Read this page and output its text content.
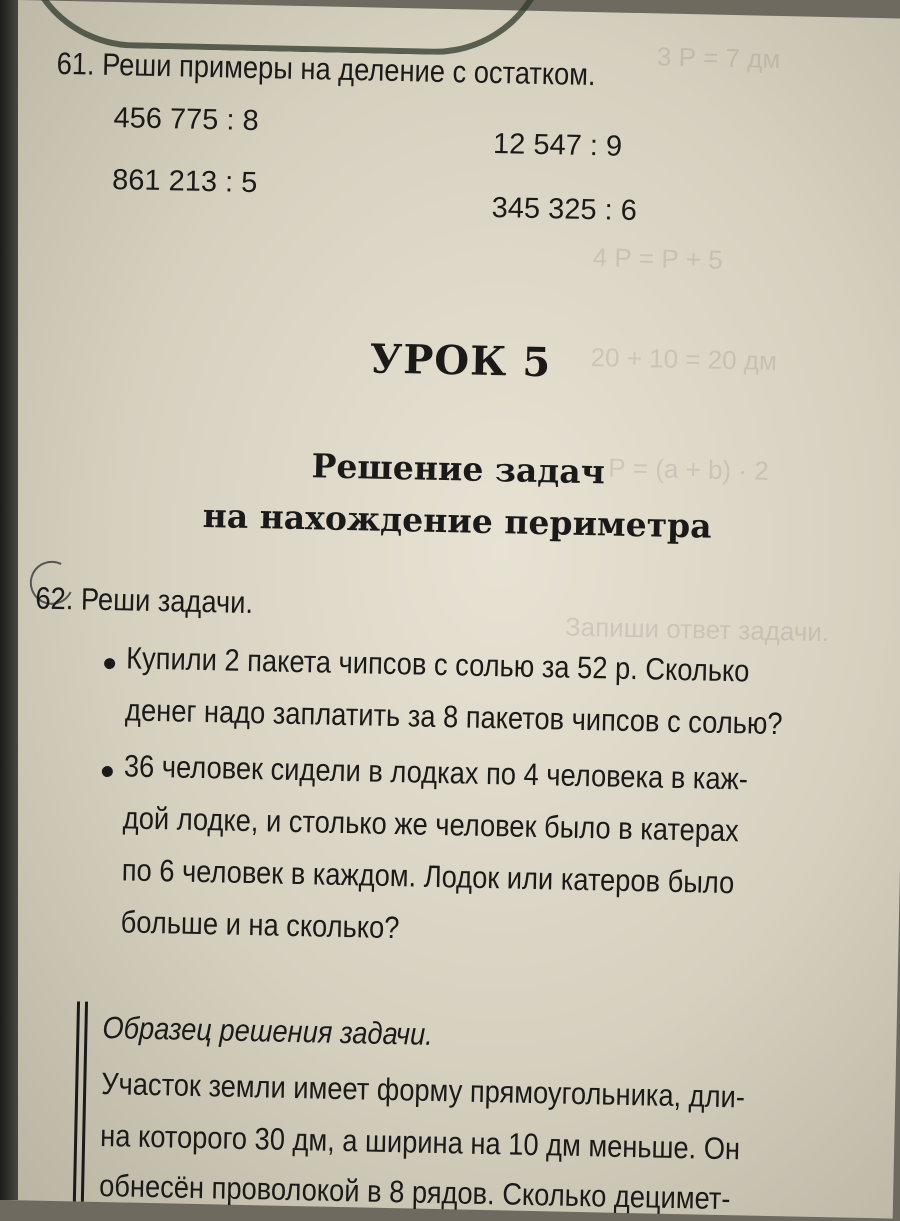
3 Р = 7 дм
4 Р = Р + 5
20 + 10 = 20 дм
Р = (а + b) · 2
Запиши ответ задачи.
61. Реши примеры на деление с остатком.
456 775 : 8
12 547 : 9
861 213 : 5
345 325 : 6
УРОК 5
Решение задач
на нахождение периметра
62. Реши задачи.
Купили 2 пакета чипсов с солью за 52 р. Сколько
денег надо заплатить за 8 пакетов чипсов с солью?
36 человек сидели в лодках по 4 человека в каж-
дой лодке, и столько же человек было в катерах
по 6 человек в каждом. Лодок или катеров было
больше и на сколько?
Образец решения задачи.
Участок земли имеет форму прямоугольника, дли-
на которого 30 дм, а ширина на 10 дм меньше. Он
обнесён проволокой в 8 рядов. Сколько децимет-
